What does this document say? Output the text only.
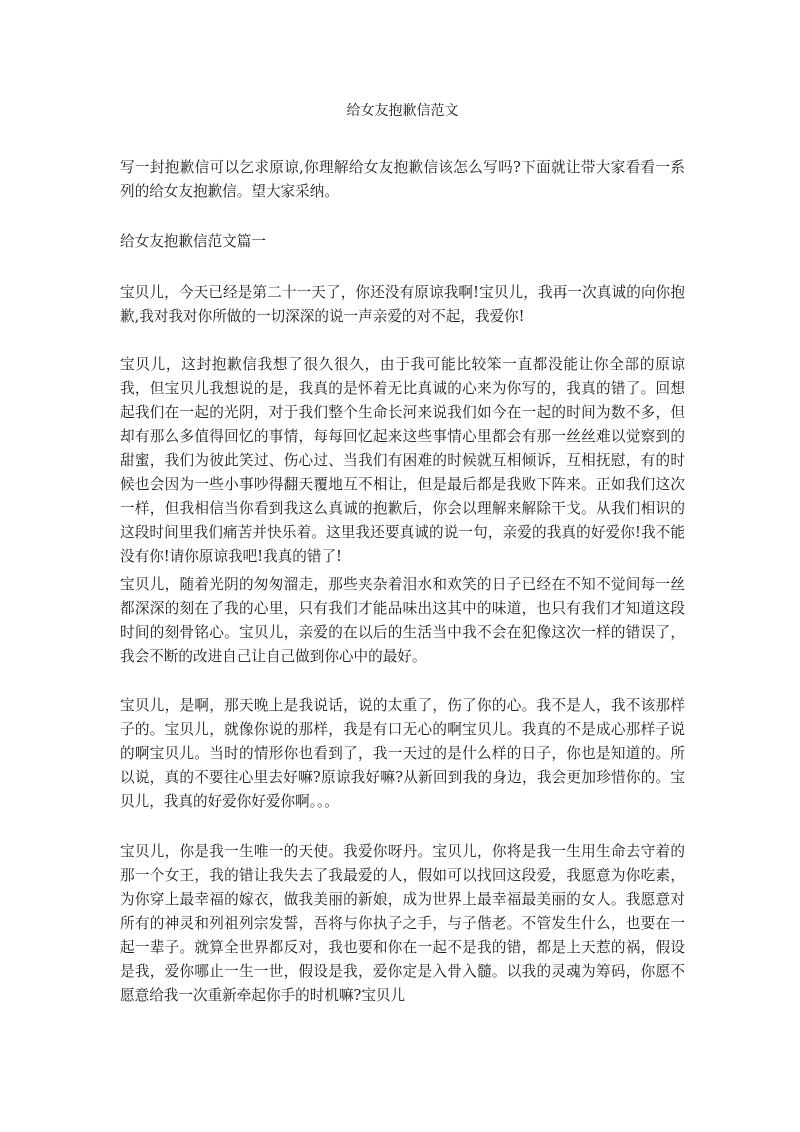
给女友抱歉信范文

写一封抱歉信可以乞求原谅,你理解给女友抱歉信该怎么写吗?下面就让带大家看看一系列的给女友抱歉信。望大家采纳。

给女友抱歉信范文篇一

宝贝儿，今天已经是第二十一天了，你还没有原谅我啊!宝贝儿，我再一次真诚的向你抱歉,我对我对你所做的一切深深的说一声亲爱的对不起，我爱你!

宝贝儿，这封抱歉信我想了很久很久，由于我可能比较笨一直都没能让你全部的原谅我，但宝贝儿我想说的是，我真的是怀着无比真诚的心来为你写的，我真的错了。回想起我们在一起的光阴，对于我们整个生命长河来说我们如今在一起的时间为数不多，但却有那么多值得回忆的事情，每每回忆起来这些事情心里都会有那一丝丝难以觉察到的甜蜜，我们为彼此笑过、伤心过、当我们有困难的时候就互相倾诉，互相抚慰，有的时候也会因为一些小事吵得翻天覆地互不相让，但是最后都是我败下阵来。正如我们这次一样，但我相信当你看到我这么真诚的抱歉后，你会以理解来解除干戈。从我们相识的这段时间里我们痛苦并快乐着。这里我还要真诚的说一句，亲爱的我真的好爱你!我不能没有你!请你原谅我吧!我真的错了!

宝贝儿，随着光阴的匆匆溜走，那些夹杂着泪水和欢笑的日子已经在不知不觉间每一丝都深深的刻在了我的心里，只有我们才能品味出这其中的味道，也只有我们才知道这段时间的刻骨铭心。宝贝儿，亲爱的在以后的生活当中我不会在犯像这次一样的错误了，我会不断的改进自己让自己做到你心中的最好。

宝贝儿，是啊，那天晚上是我说话，说的太重了，伤了你的心。我不是人，我不该那样子的。宝贝儿，就像你说的那样，我是有口无心的啊宝贝儿。我真的不是成心那样子说的啊宝贝儿。当时的情形你也看到了，我一天过的是什么样的日子，你也是知道的。所以说，真的不要往心里去好嘛?原谅我好嘛?从新回到我的身边，我会更加珍惜你的。宝贝儿，我真的好爱你好爱你啊。。。

宝贝儿，你是我一生唯一的天使。我爱你呀丹。宝贝儿，你将是我一生用生命去守着的那一个女王，我的错让我失去了我最爱的人，假如可以找回这段爱，我愿意为你吃素，为你穿上最幸福的嫁衣，做我美丽的新娘，成为世界上最幸福最美丽的女人。我愿意对所有的神灵和列祖列宗发誓，吾将与你执子之手，与子偕老。不管发生什么，也要在一起一辈子。就算全世界都反对，我也要和你在一起不是我的错，都是上天惹的祸，假设是我，爱你哪止一生一世，假设是我，爱你定是入骨入髓。以我的灵魂为筹码，你愿不愿意给我一次重新牵起你手的时机嘛?宝贝儿
